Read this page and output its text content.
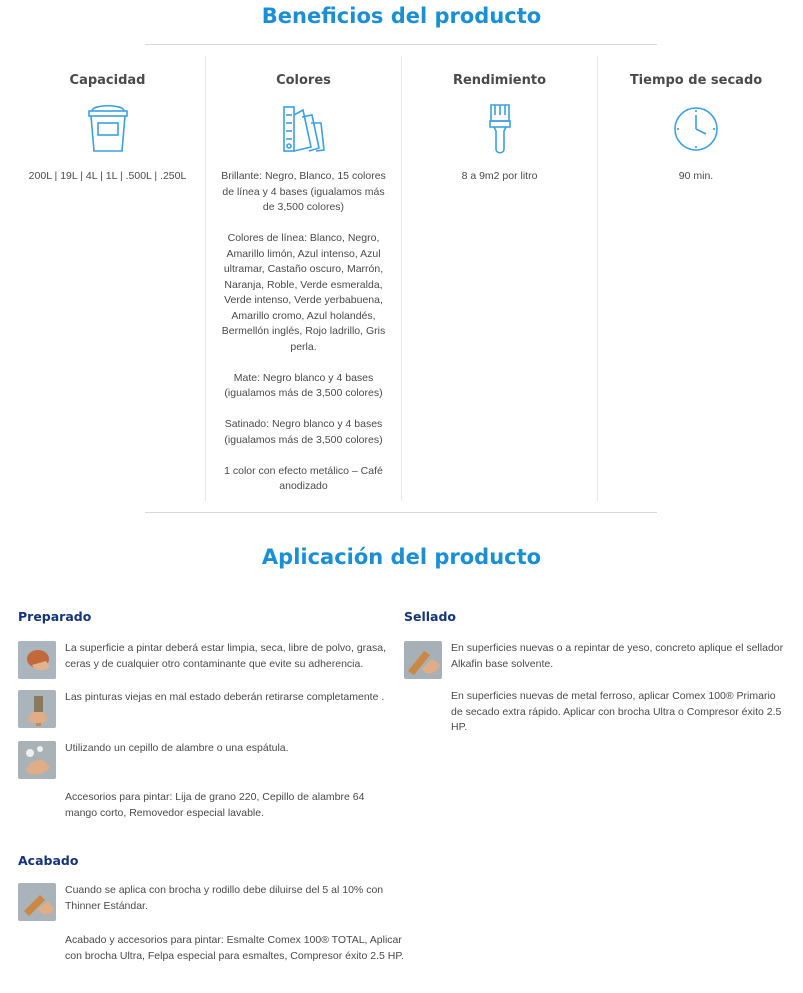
Beneficios del producto
Capacidad

200L | 19L | 4L | 1L | .500L | .250L

Colores

Brillante: Negro, Blanco, 15 colores de línea y 4 bases (igualamos más de 3,500 colores)

Colores de línea: Blanco, Negro, Amarillo limón, Azul intenso, Azul ultramar, Castaño oscuro, Marrón, Naranja, Roble, Verde esmeralda, Verde intenso, Verde yerbabuena, Amarillo cromo, Azul holandés, Bermellón inglés, Rojo ladrillo, Gris perla.

Mate: Negro blanco y 4 bases (igualamos más de 3,500 colores)

Satinado: Negro blanco y 4 bases (igualamos más de 3,500 colores)

1 color con efecto metálico – Café anodizado

Rendimiento

8 a 9m2 por litro

Tiempo de secado

90 min.

Aplicación del producto
Preparado
La superficie a pintar deberá estar limpia, seca, libre de polvo, grasa, ceras y de cualquier otro contaminante que evite su adherencia.
Las pinturas viejas en mal estado deberán retirarse completamente .
Utilizando un cepillo de alambre o una espátula.
Accesorios para pintar: Lija de grano 220, Cepillo de alambre 64 mango corto, Removedor especial lavable.
Acabado
Cuando se aplica con brocha y rodillo debe diluirse del 5 al 10% con Thinner Estándar.
Acabado y accesorios para pintar: Esmalte Comex 100® TOTAL, Aplicar con brocha Ultra, Felpa especial para esmaltes, Compresor éxito 2.5 HP.
Sellado
En superficies nuevas o a repintar de yeso, concreto aplique el sellador Alkafin base solvente.
En superficies nuevas de metal ferroso, aplicar Comex 100® Primario de secado extra rápido. Aplicar con brocha Ultra o Compresor éxito 2.5 HP.
